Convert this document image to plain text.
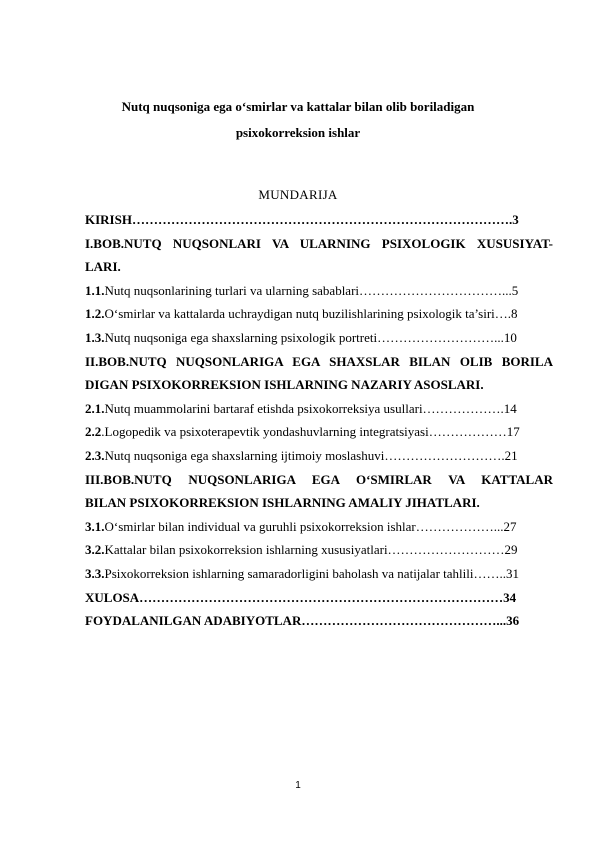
Nutq nuqsoniga ega o‘smirlar va kattalar bilan olib boriladigan
psixokorreksion ishlar
MUNDARIJA
KIRISH…………………………………………………………………………….3
I.BOB.NUTQ NUQSONLARI VA ULARNING PSIXOLOGIK XUSUSIYAT-
LARI.
1.1.Nutq nuqsonlarining turlari va ularning sabablari……………………………...5
1.2.O‘smirlar va kattalarda uchraydigan nutq buzilishlarining psixologik ta’siri….8
1.3.Nutq nuqsoniga ega shaxslarning psixologik portreti………………………...10
II.BOB.NUTQ NUQSONLARIGA EGA SHAXSLAR BILAN OLIB BORILA
DIGAN PSIXOKORREKSION ISHLARNING NAZARIY ASOSLARI.
2.1.Nutq muammolarini bartaraf etishda psixokorreksiya usullari……………….14
2.2.Logopedik va psixoterapevtik yondashuvlarning integratsiyasi………………17
2.3.Nutq nuqsoniga ega shaxslarning ijtimoiy moslashuvi……………………….21
III.BOB.NUTQ NUQSONLARIGA EGA O‘SMIRLAR VA KATTALAR
BILAN PSIXOKORREKSION ISHLARNING AMALIY JIHATLARI.
3.1.O‘smirlar bilan individual va guruhli psixokorreksion ishlar………………...27
3.2.Kattalar bilan psixokorreksion ishlarning xususiyatlari………………………29
3.3.Psixokorreksion ishlarning samaradorligini baholash va natijalar tahlili……..31
XULOSA…………………………………………………………………………34
FOYDALANILGAN ADABIYOTLAR………………………………………...36
1
